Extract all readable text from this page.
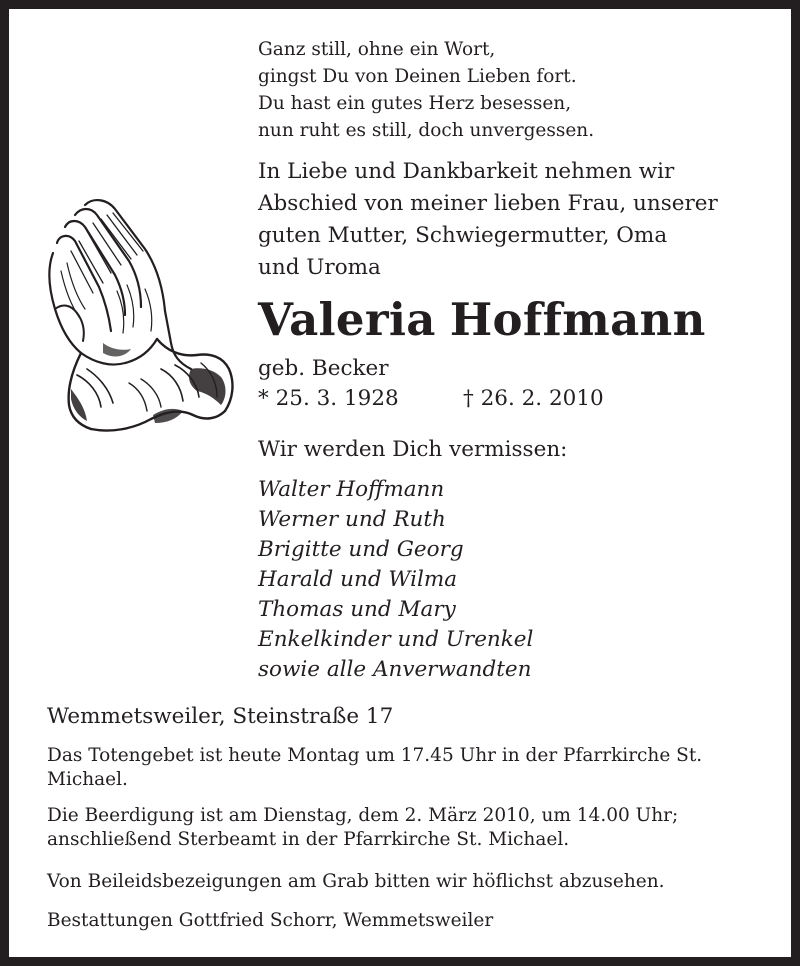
Ganz still, ohne ein Wort,
gingst Du von Deinen Lieben fort.
Du hast ein gutes Herz besessen,
nun ruht es still, doch unvergessen.
In Liebe und Dankbarkeit nehmen wir
Abschied von meiner lieben Frau, unserer
guten Mutter, Schwiegermutter, Oma
und Uroma
Valeria Hoffmann
geb. Becker
* 25. 3. 1928	† 26. 2. 2010
Wir werden Dich vermissen:
Walter Hoffmann
Werner und Ruth
Brigitte und Georg
Harald und Wilma
Thomas und Mary
Enkelkinder und Urenkel
sowie alle Anverwandten
Wemmetsweiler, Steinstraße 17
Das Totengebet ist heute Montag um 17.45 Uhr in der Pfarrkirche St. Michael.
Die Beerdigung ist am Dienstag, dem 2. März 2010, um 14.00 Uhr; anschließend Sterbeamt in der Pfarrkirche St. Michael.
Von Beileidsbezeigungen am Grab bitten wir höflichst abzusehen.
Bestattungen Gottfried Schorr, Wemmetsweiler
